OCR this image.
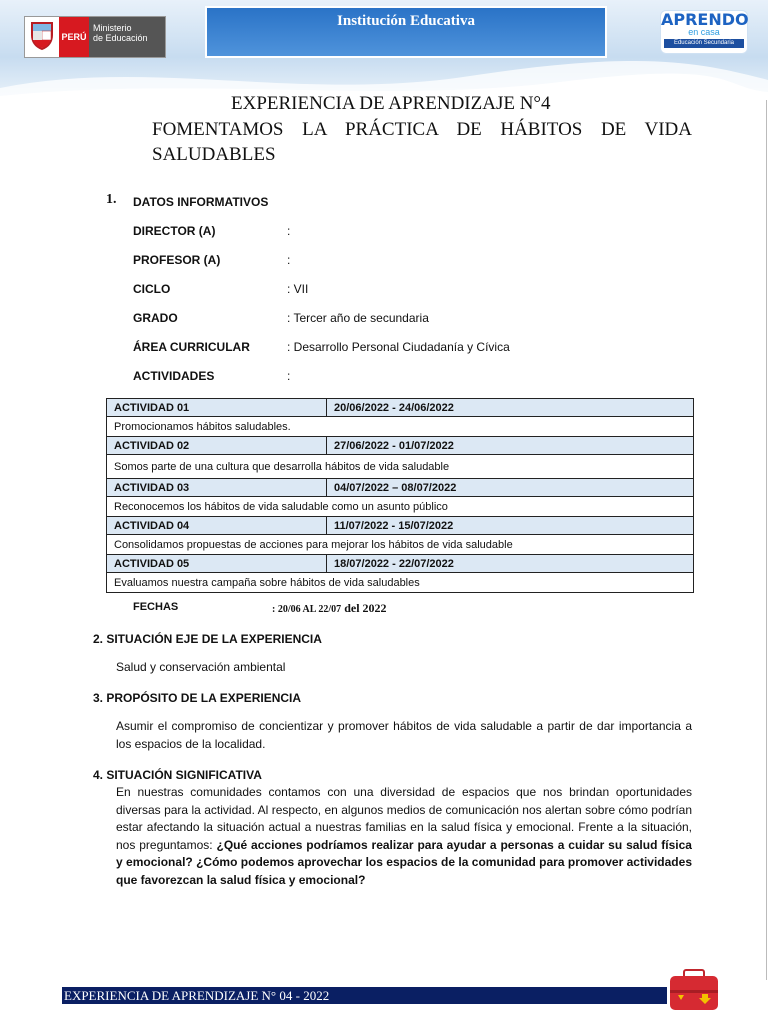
PERÚ
Ministerio
de Educación
Institución Educativa	APRENDO
en casa
Educación Secundaria
EXPERIENCIA DE APRENDIZAJE N°4
FOMENTAMOS LA PRÁCTICA DE HÁBITOS DE VIDA SALUDABLES
1. DATOS INFORMATIVOS
DIRECTOR (A)	:
PROFESOR (A)	:
CICLO	: VII
GRADO	: Tercer año de secundaria
ÁREA CURRICULAR	: Desarrollo Personal Ciudadanía y Cívica
ACTIVIDADES	:
ACTIVIDAD 01	20/06/2022 - 24/06/2022
Promocionamos hábitos saludables.	
ACTIVIDAD 02	27/06/2022 - 01/07/2022
Somos parte de una cultura que desarrolla hábitos de vida saludable	
ACTIVIDAD 03	04/07/2022 – 08/07/2022
Reconocemos los hábitos de vida saludable como un asunto público	
ACTIVIDAD 04	11/07/2022 - 15/07/2022
Consolidamos propuestas de acciones para mejorar los hábitos de vida saludable	
ACTIVIDAD 05	18/07/2022 - 22/07/2022
Evaluamos nuestra campaña sobre hábitos de vida saludables	
FECHAS	: 20/06 AL 22/07 del 2022
2. SITUACIÓN EJE DE LA EXPERIENCIA
Salud y conservación ambiental
3. PROPÓSITO DE LA EXPERIENCIA
Asumir el compromiso de concientizar y promover hábitos de vida saludable a partir de dar importancia a los espacios de la localidad.
4. SITUACIÓN SIGNIFICATIVA
En nuestras comunidades contamos con una diversidad de espacios que nos brindan oportunidades diversas para la actividad. Al respecto, en algunos medios de comunicación nos alertan sobre cómo podrían estar afectando la situación actual a nuestras familias en la salud física y emocional. Frente a la situación, nos preguntamos: ¿Qué acciones podríamos realizar para ayudar a personas a cuidar su salud física y emocional? ¿Cómo podemos aprovechar los espacios de la comunidad para promover actividades que favorezcan la salud física y emocional?
EXPERIENCIA DE APRENDIZAJE N° 04 - 2022
